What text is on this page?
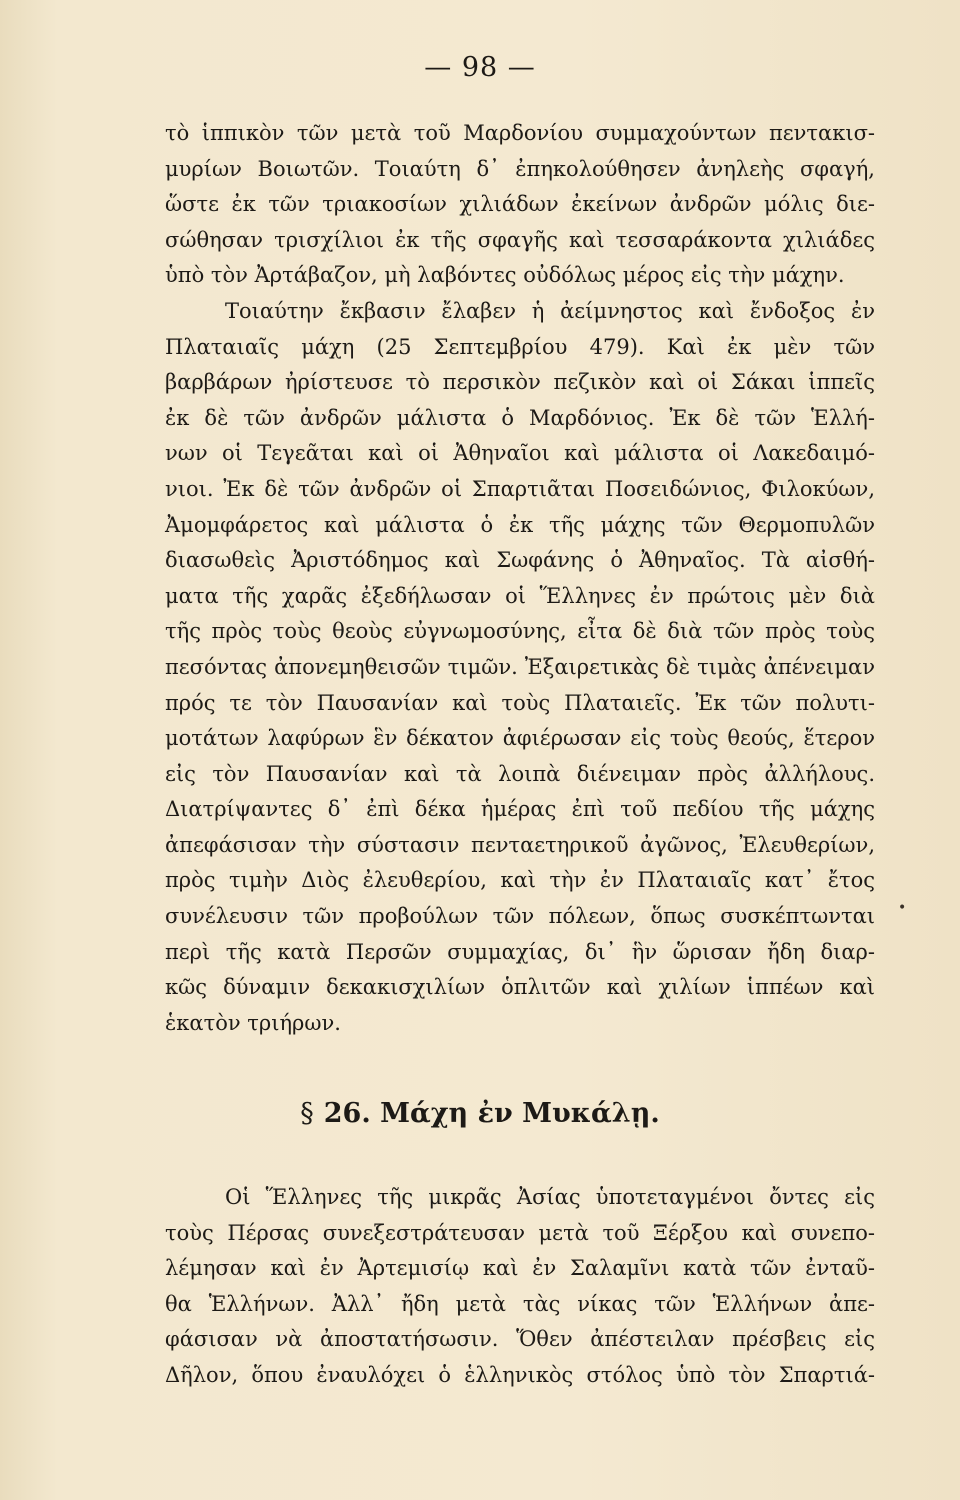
— 98 —
τὸ ἱππικὸν τῶν μετὰ τοῦ Μαρδονίου συμμαχούντων πεντακισ-
μυρίων Βοιωτῶν. Τοιαύτη δ᾽ ἐπηκολούθησεν ἀνηλεὴς σφαγή,
ὥστε ἐκ τῶν τριακοσίων χιλιάδων ἐκείνων ἀνδρῶν μόλις διε-
σώθησαν τρισχίλιοι ἐκ τῆς σφαγῆς καὶ τεσσαράκοντα χιλιάδες
ὑπὸ τὸν Ἀρτάβαζον, μὴ λαβόντες οὐδόλως μέρος εἰς τὴν μάχην.
Τοιαύτην ἔκβασιν ἔλαβεν ἡ ἀείμνηστος καὶ ἔνδοξος ἐν
Πλαταιαῖς μάχη (25 Σεπτεμβρίου 479). Καὶ ἐκ μὲν τῶν
βαρβάρων ἠρίστευσε τὸ περσικὸν πεζικὸν καὶ οἱ Σάκαι ἱππεῖς
ἐκ δὲ τῶν ἀνδρῶν μάλιστα ὁ Μαρδόνιος. Ἐκ δὲ τῶν Ἑλλή-
νων οἱ Τεγεᾶται καὶ οἱ Ἀθηναῖοι καὶ μάλιστα οἱ Λακεδαιμό-
νιοι. Ἐκ δὲ τῶν ἀνδρῶν οἱ Σπαρτιᾶται Ποσειδώνιος, Φιλοκύων,
Ἀμομφάρετος καὶ μάλιστα ὁ ἐκ τῆς μάχης τῶν Θερμοπυλῶν
διασωθεὶς Ἀριστόδημος καὶ Σωφάνης ὁ Ἀθηναῖος. Τὰ αἰσθή-
ματα τῆς χαρᾶς ἐξεδήλωσαν οἱ Ἕλληνες ἐν πρώτοις μὲν διὰ
τῆς πρὸς τοὺς θεοὺς εὐγνωμοσύνης, εἶτα δὲ διὰ τῶν πρὸς τοὺς
πεσόντας ἀπονεμηθεισῶν τιμῶν. Ἐξαιρετικὰς δὲ τιμὰς ἀπένειμαν
πρός τε τὸν Παυσανίαν καὶ τοὺς Πλαταιεῖς. Ἐκ τῶν πολυτι-
μοτάτων λαφύρων ἓν δέκατον ἀφιέρωσαν εἰς τοὺς θεούς, ἕτερον
εἰς τὸν Παυσανίαν καὶ τὰ λοιπὰ διένειμαν πρὸς ἀλλήλους.
Διατρίψαντες δ᾽ ἐπὶ δέκα ἡμέρας ἐπὶ τοῦ πεδίου τῆς μάχης
ἀπεφάσισαν τὴν σύστασιν πενταετηρικοῦ ἀγῶνος, Ἐλευθερίων,
πρὸς τιμὴν Διὸς ἐλευθερίου, καὶ τὴν ἐν Πλαταιαῖς κατ᾽ ἔτος
συνέλευσιν τῶν προβούλων τῶν πόλεων, ὅπως συσκέπτωνται
περὶ τῆς κατὰ Περσῶν συμμαχίας, δι᾽ ἣν ὥρισαν ἤδη διαρ-
κῶς δύναμιν δεκακισχιλίων ὁπλιτῶν καὶ χιλίων ἱππέων καὶ
ἑκατὸν τριήρων.
§ 26. Μάχη ἐν Μυκάλῃ.
Οἱ Ἕλληνες τῆς μικρᾶς Ἀσίας ὑποτεταγμένοι ὄντες εἰς
τοὺς Πέρσας συνεξεστράτευσαν μετὰ τοῦ Ξέρξου καὶ συνεπο-
λέμησαν καὶ ἐν Ἀρτεμισίῳ καὶ ἐν Σαλαμῖνι κατὰ τῶν ἐνταῦ-
θα Ἑλλήνων. Ἀλλ᾽ ἤδη μετὰ τὰς νίκας τῶν Ἑλλήνων ἀπε-
φάσισαν νὰ ἀποστατήσωσιν. Ὅθεν ἀπέστειλαν πρέσβεις εἰς
Δῆλον, ὅπου ἐναυλόχει ὁ ἑλληνικὸς στόλος ὑπὸ τὸν Σπαρτιά-
•
